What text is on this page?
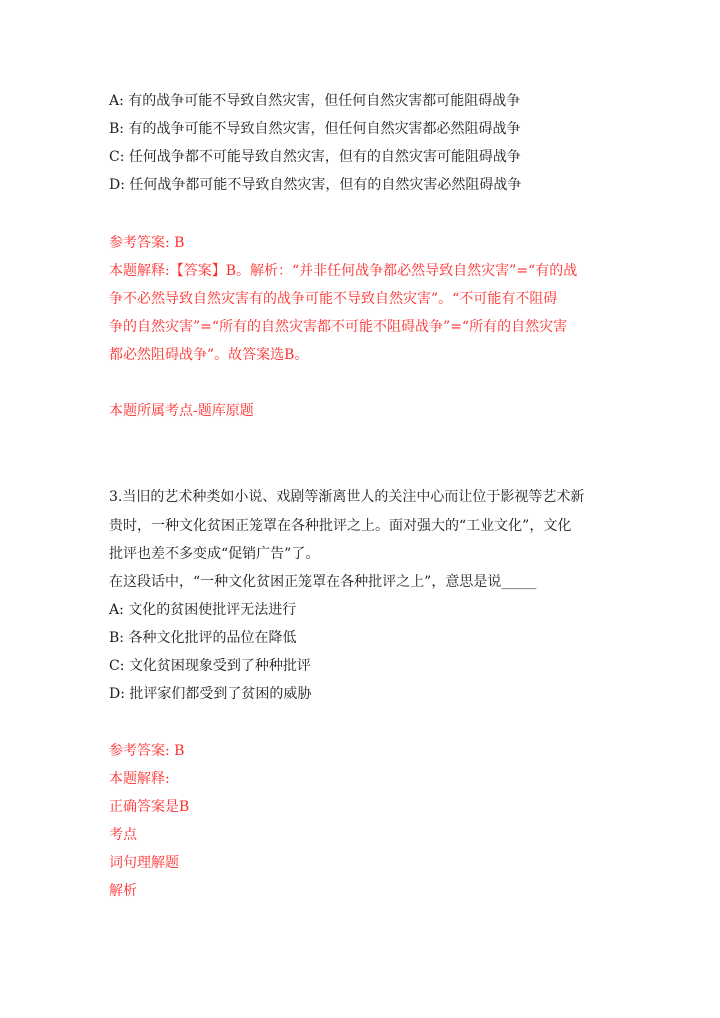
A: 有的战争可能不导致自然灾害，但任何自然灾害都可能阻碍战争
B: 有的战争可能不导致自然灾害，但任何自然灾害都必然阻碍战争
C: 任何战争都不可能导致自然灾害，但有的自然灾害可能阻碍战争
D: 任何战争都可能不导致自然灾害，但有的自然灾害必然阻碍战争
参考答案: B
本题解释:【答案】B。解析：“并非任何战争都必然导致自然灾害”=“有的战
争不必然导致自然灾害有的战争可能不导致自然灾害”。“不可能有不阻碍
争的自然灾害”=“所有的自然灾害都不可能不阻碍战争”=“所有的自然灾害
都必然阻碍战争”。故答案选B。
本题所属考点-题库原题
3.当旧的艺术种类如小说、戏剧等渐离世人的关注中心而让位于影视等艺术新
贵时，一种文化贫困正笼罩在各种批评之上。面对强大的“工业文化”，文化
批评也差不多变成“促销广告”了。
在这段话中，“一种文化贫困正笼罩在各种批评之上”，意思是说_____
A: 文化的贫困使批评无法进行
B: 各种文化批评的品位在降低
C: 文化贫困现象受到了种种批评
D: 批评家们都受到了贫困的威胁
参考答案: B
本题解释:
正确答案是B
考点
词句理解题
解析
